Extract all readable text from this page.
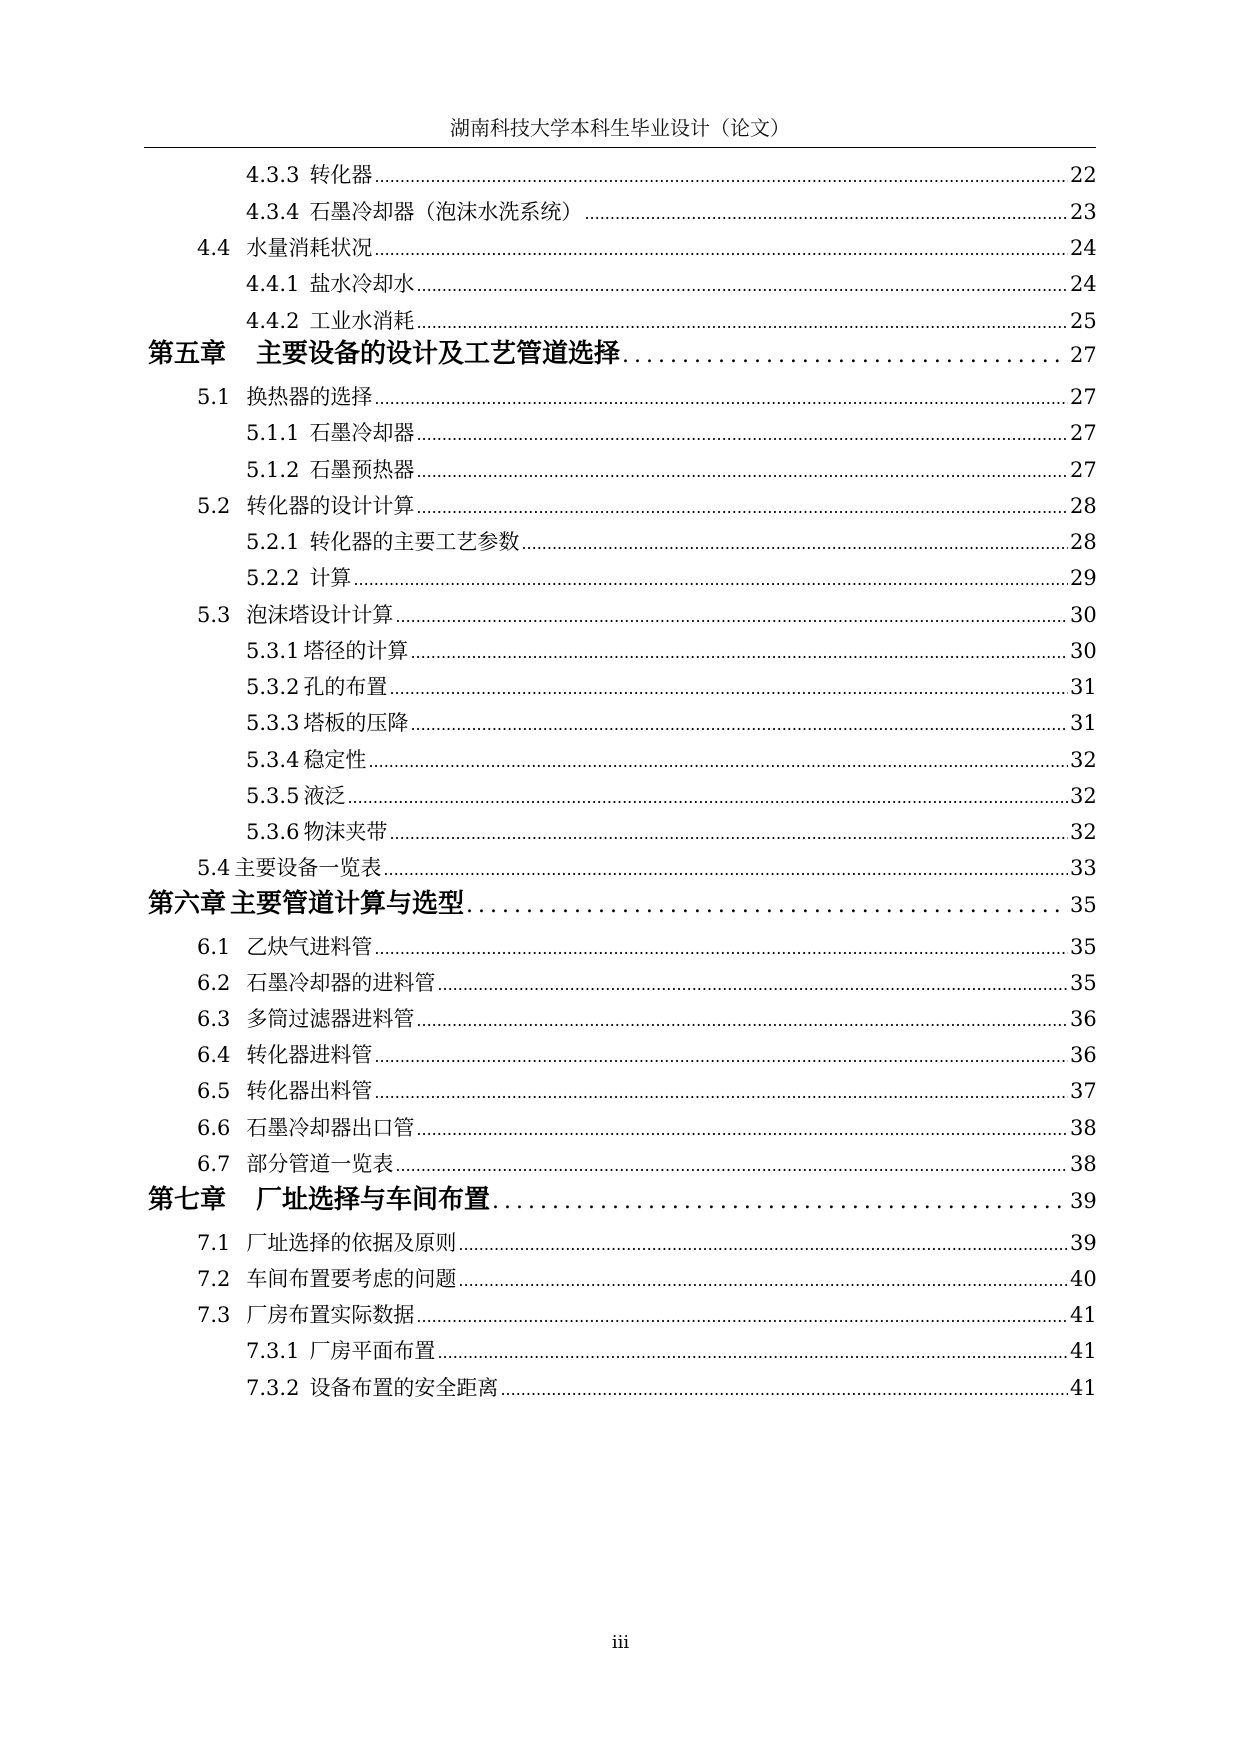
湖南科技大学本科生毕业设计（论文）
4.3.3 转化器 .....	22
4.3.4 石墨冷却器（泡沫水洗系统） .....	23
4.4 水量消耗状况 .....	24
4.4.1 盐水冷却水 .....	24
4.4.2 工业水消耗 .....	25
第五章	主要设备的设计及工艺管道选择 .....	27
5.1 换热器的选择 .....	27
5.1.1 石墨冷却器 .....	27
5.1.2 石墨预热器 .....	27
5.2 转化器的设计计算 .....	28
5.2.1 转化器的主要工艺参数 .....	28
5.2.2 计算 .....	29
5.3 泡沫塔设计计算 .....	30
5.3.1 塔径的计算 .....	30
5.3.2 孔的布置 .....	31
5.3.3 塔板的压降 .....	31
5.3.4 稳定性 .....	32
5.3.5 液泛 .....	32
5.3.6 物沫夹带 .....	32
5.4 主要设备一览表 .....	33
第六章 主要管道计算与选型 .....	35
6.1 乙炔气进料管 .....	35
6.2 石墨冷却器的进料管 .....	35
6.3 多筒过滤器进料管 .....	36
6.4 转化器进料管 .....	36
6.5 转化器出料管 .....	37
6.6 石墨冷却器出口管 .....	38
6.7 部分管道一览表 .....	38
第七章	厂址选择与车间布置 .....	39
7.1 厂址选择的依据及原则 .....	39
7.2 车间布置要考虑的问题 .....	40
7.3 厂房布置实际数据 .....	41
7.3.1 厂房平面布置 .....	41
7.3.2 设备布置的安全距离 .....	41
iii
